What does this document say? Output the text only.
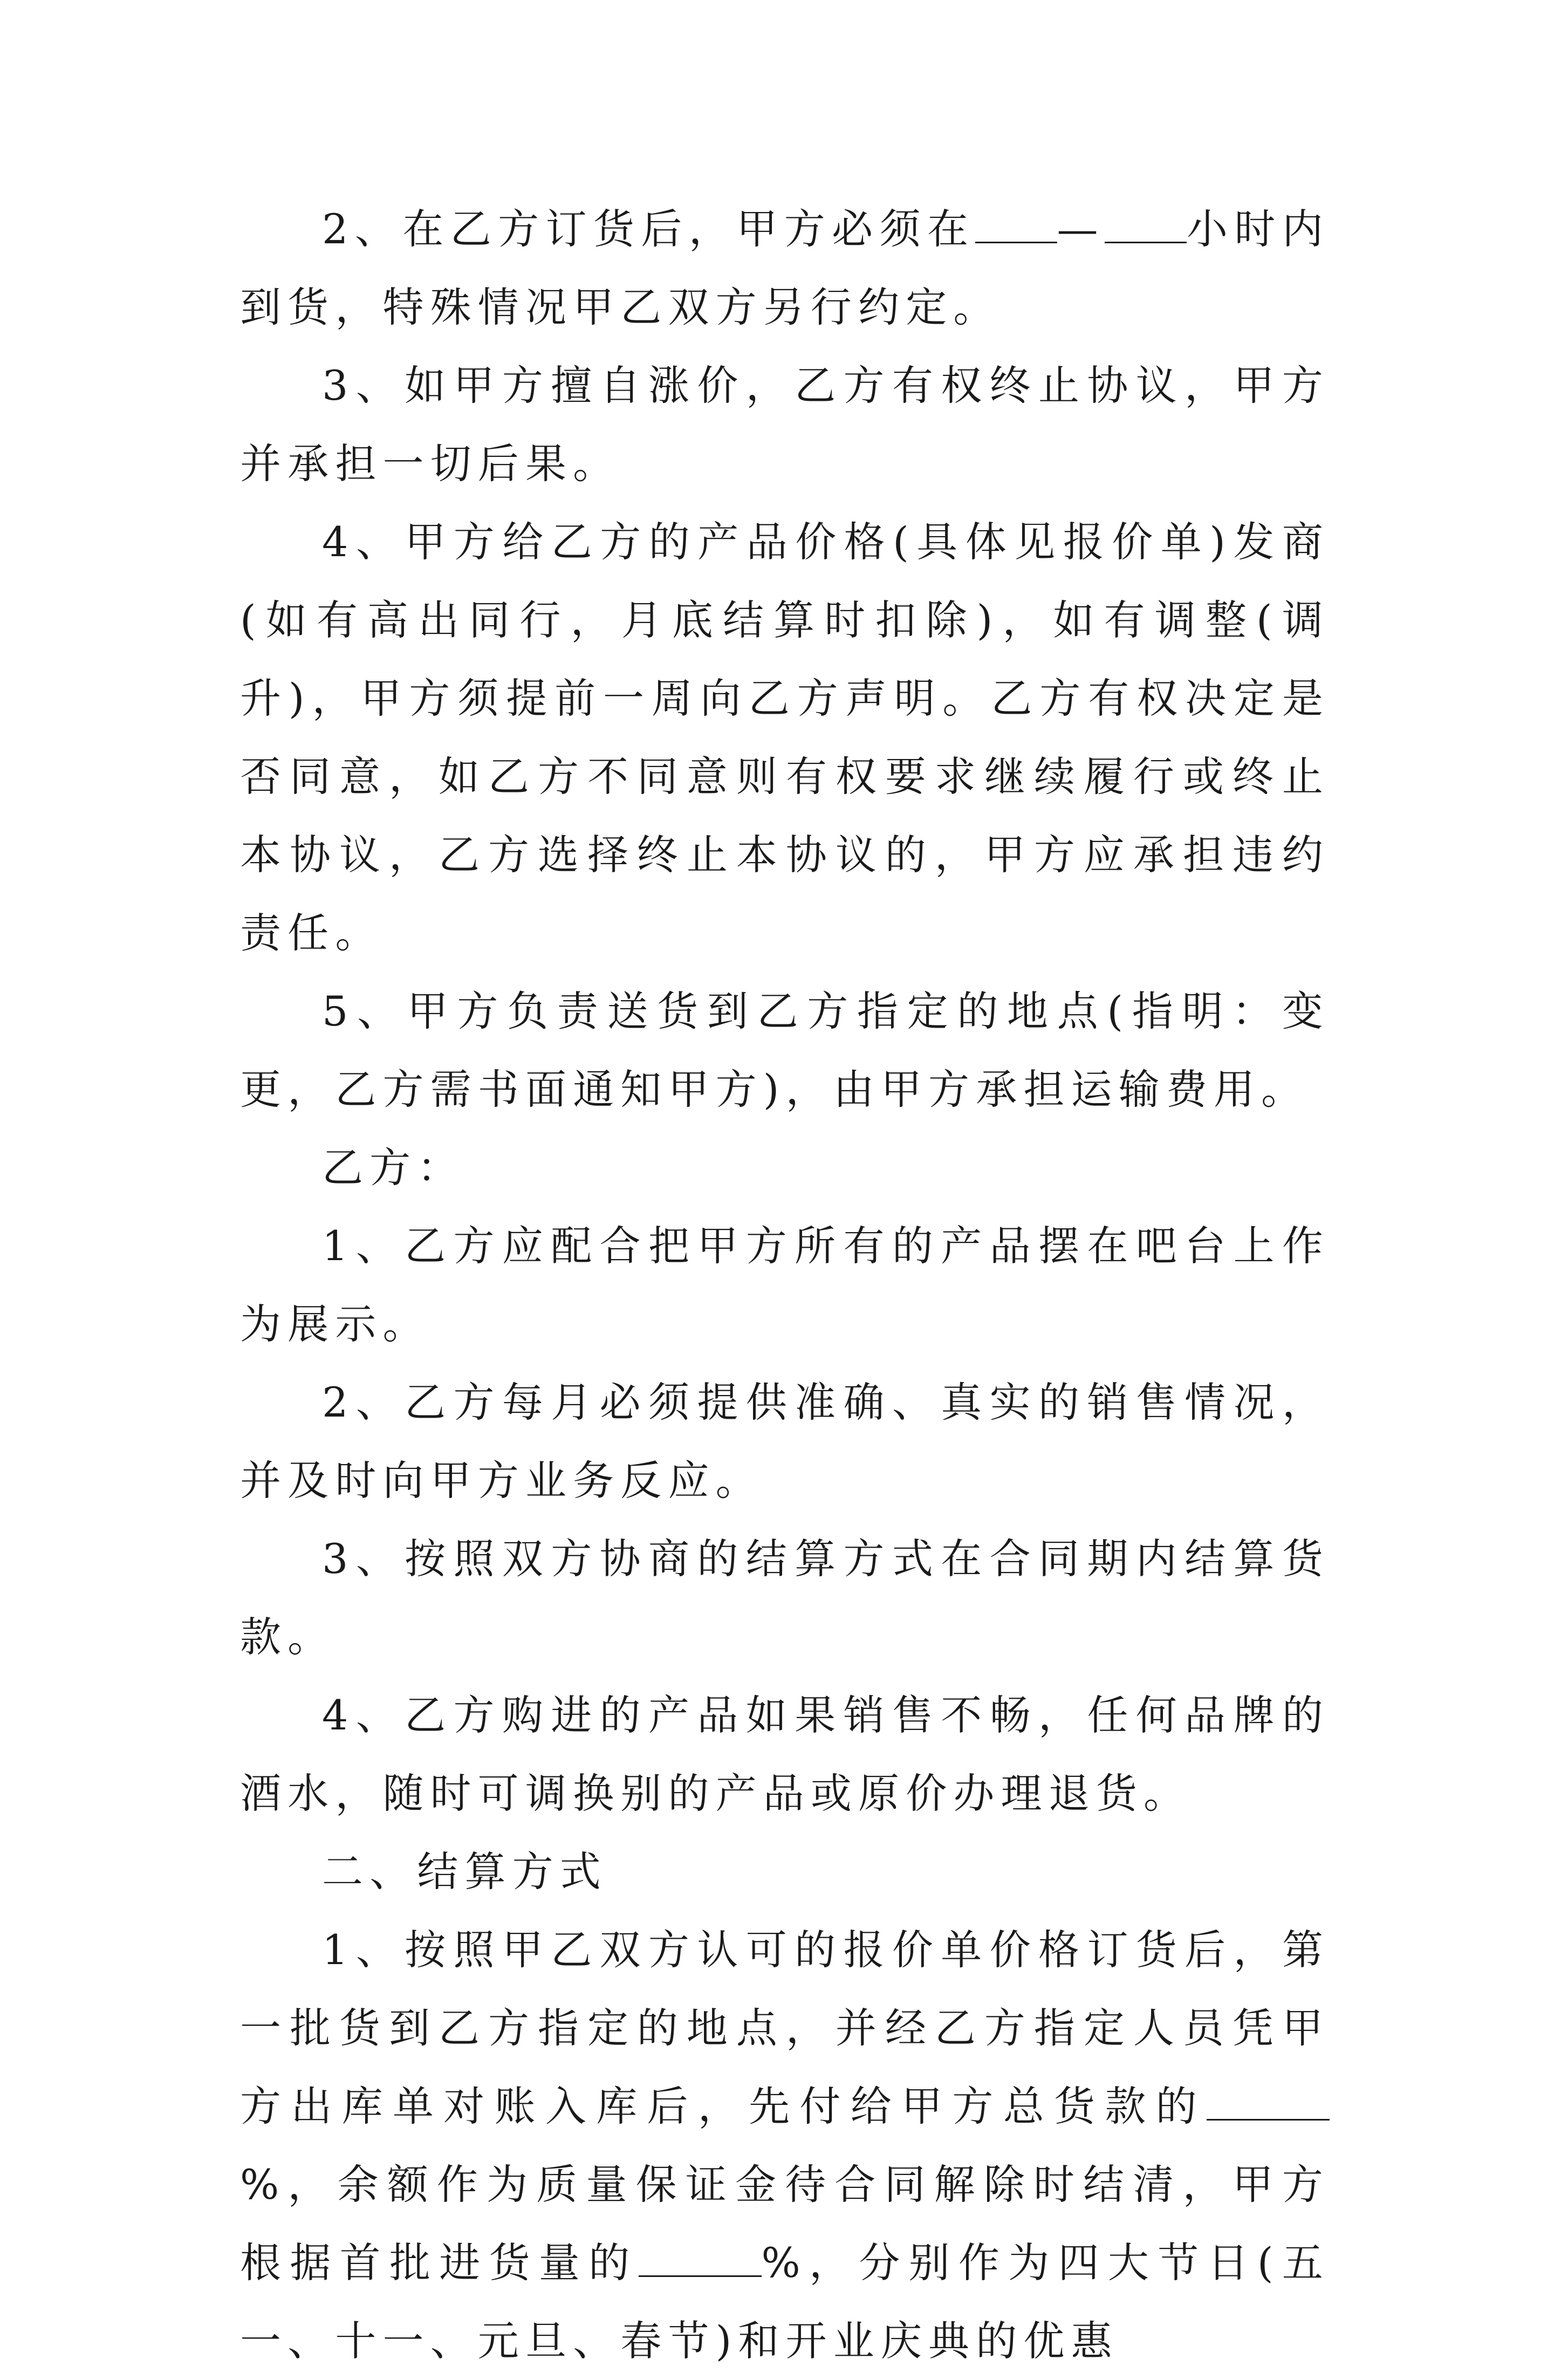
2、在乙方订货后，甲方必须在 — 小时内到货，特殊情况甲乙双方另行约定。

3、如甲方擅自涨价，乙方有权终止协议，甲方并承担一切后果。

4、甲方给乙方的产品价格(具体见报价单)发商(如有高出同行，月底结算时扣除)，如有调整(调升)，甲方须提前一周向乙方声明。乙方有权决定是否同意，如乙方不同意则有权要求继续履行或终止本协议，乙方选择终止本协议的，甲方应承担违约责任。

5、甲方负责送货到乙方指定的地点(指明：变更，乙方需书面通知甲方)，由甲方承担运输费用。

乙方：

1、乙方应配合把甲方所有的产品摆在吧台上作为展示。

2、乙方每月必须提供准确、真实的销售情况，并及时向甲方业务反应。

3、按照双方协商的结算方式在合同期内结算货款。

4、乙方购进的产品如果销售不畅，任何品牌的酒水，随时可调换别的产品或原价办理退货。

二、结算方式

1、按照甲乙双方认可的报价单价格订货后，第一批货到乙方指定的地点，并经乙方指定人员凭甲方出库单对账入库后，先付给甲方总货款的%，余额作为质量保证金待合同解除时结清，甲方根据首批进货量的	%，分别作为四大节日(五一、十一、元旦、春节)和开业庆典的优惠
